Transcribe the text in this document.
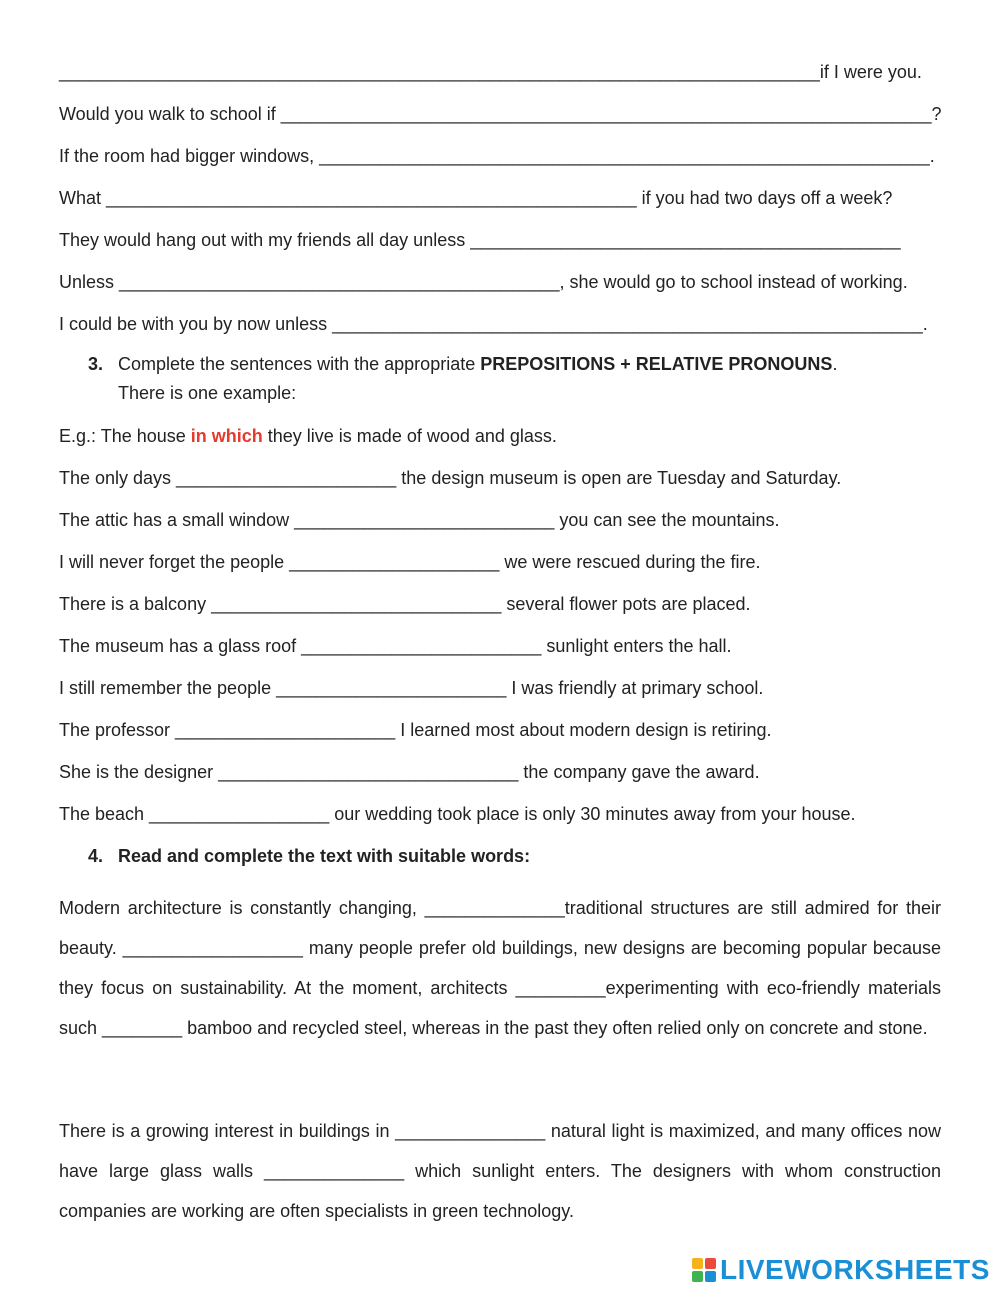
____________________________________________________________________________if I were you.
Would you walk to school if _________________________________________________________________?
If the room had bigger windows, _____________________________________________________________.
What _____________________________________________________ if you had two days off a week?
They would hang out with my friends all day unless ___________________________________________
Unless ____________________________________________, she would go to school instead of working.
I could be with you by now unless ___________________________________________________________.
3. Complete the sentences with the appropriate PREPOSITIONS + RELATIVE PRONOUNS.
There is one example:
E.g.: The house in which they live is made of wood and glass.
The only days ______________________ the design museum is open are Tuesday and Saturday.
The attic has a small window __________________________ you can see the mountains.
I will never forget the people _____________________ we were rescued during the fire.
There is a balcony _____________________________ several flower pots are placed.
The museum has a glass roof ________________________ sunlight enters the hall.
I still remember the people _______________________ I was friendly at primary school.
The professor ______________________ I learned most about modern design is retiring.
She is the designer ______________________________ the company gave the award.
The beach __________________ our wedding took place is only 30 minutes away from your house.
4. Read and complete the text with suitable words:
Modern architecture is constantly changing, ______________traditional structures are still admired for their beauty. __________________ many people prefer old buildings, new designs are becoming popular because they focus on sustainability. At the moment, architects _________experimenting with eco-friendly materials such ________ bamboo and recycled steel, whereas in the past they often relied only on concrete and stone.
There is a growing interest in buildings in _______________ natural light is maximized, and many offices now have large glass walls ______________ which sunlight enters. The designers with whom construction companies are working are often specialists in green technology.
LIVEWORKSHEETS
